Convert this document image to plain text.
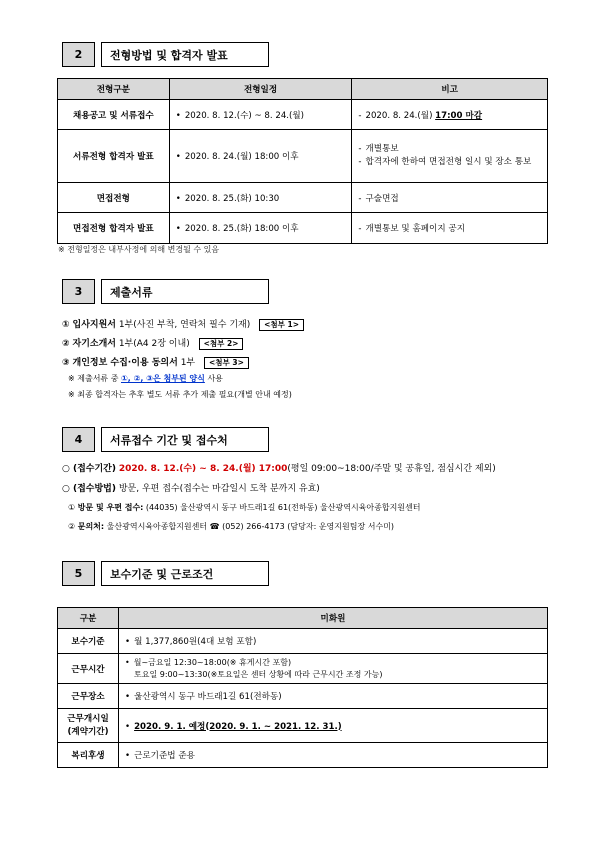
2	전형방법 및 합격자 발표
전형구분	전형일정	비고
채용공고 및 서류접수	• 2020. 8. 12.(수) ~ 8. 24.(월)	- 2020. 8. 24.(월) 17:00 마감
서류전형 합격자 발표	• 2020. 8. 24.(월) 18:00 이후	- 개별통보
- 합격자에 한하여 면접전형 일시 및 장소 통보

면접전형	• 2020. 8. 25.(화) 10:30	- 구술면접
면접전형 합격자 발표	• 2020. 8. 25.(화) 18:00 이후	- 개별통보 및 홈페이지 공지
※ 전형일정은 내부사정에 의해 변경될 수 있음
3	제출서류
① 입사지원서 1부(사진 부착, 연락처 필수 기재) <첨부 1>
② 자기소개서 1부(A4 2장 이내) <첨부 2>
③ 개인정보 수집·이용 동의서 1부 <첨부 3>
※ 제출서류 중 ①, ②, ③은 첨부된 양식 사용
※ 최종 합격자는 추후 별도 서류 추가 제출 필요(개별 안내 예정)
4	서류접수 기간 및 접수처
○ (접수기간) 2020. 8. 12.(수) ~ 8. 24.(월) 17:00(평일 09:00~18:00/주말 및 공휴일, 점심시간 제외)
○ (접수방법) 방문, 우편 접수(접수는 마감일시 도착 분까지 유효)
① 방문 및 우편 접수: (44035) 울산광역시 동구 바드래1길 61(전하동) 울산광역시육아종합지원센터
② 문의처: 울산광역시육아종합지원센터 ☎ (052) 266-4173 (담당자: 운영지원팀장 서수미)
5	보수기준 및 근로조건
구분	미화원
보수기준	• 월 1,377,860원(4대 보험 포함)
근무시간	• 월~금요일 12:30~18:00(※ 휴게시간 포함)
토요일 9:00~13:30(※토요일은 센터 상황에 따라 근무시간 조정 가능)

근무장소	• 울산광역시 동구 바드래1길 61(전하동)

근무개시일
(계약기간)	• 2020. 9. 1. 예정(2020. 9. 1. ~ 2021. 12. 31.)
복리후생	• 근로기준법 준용
